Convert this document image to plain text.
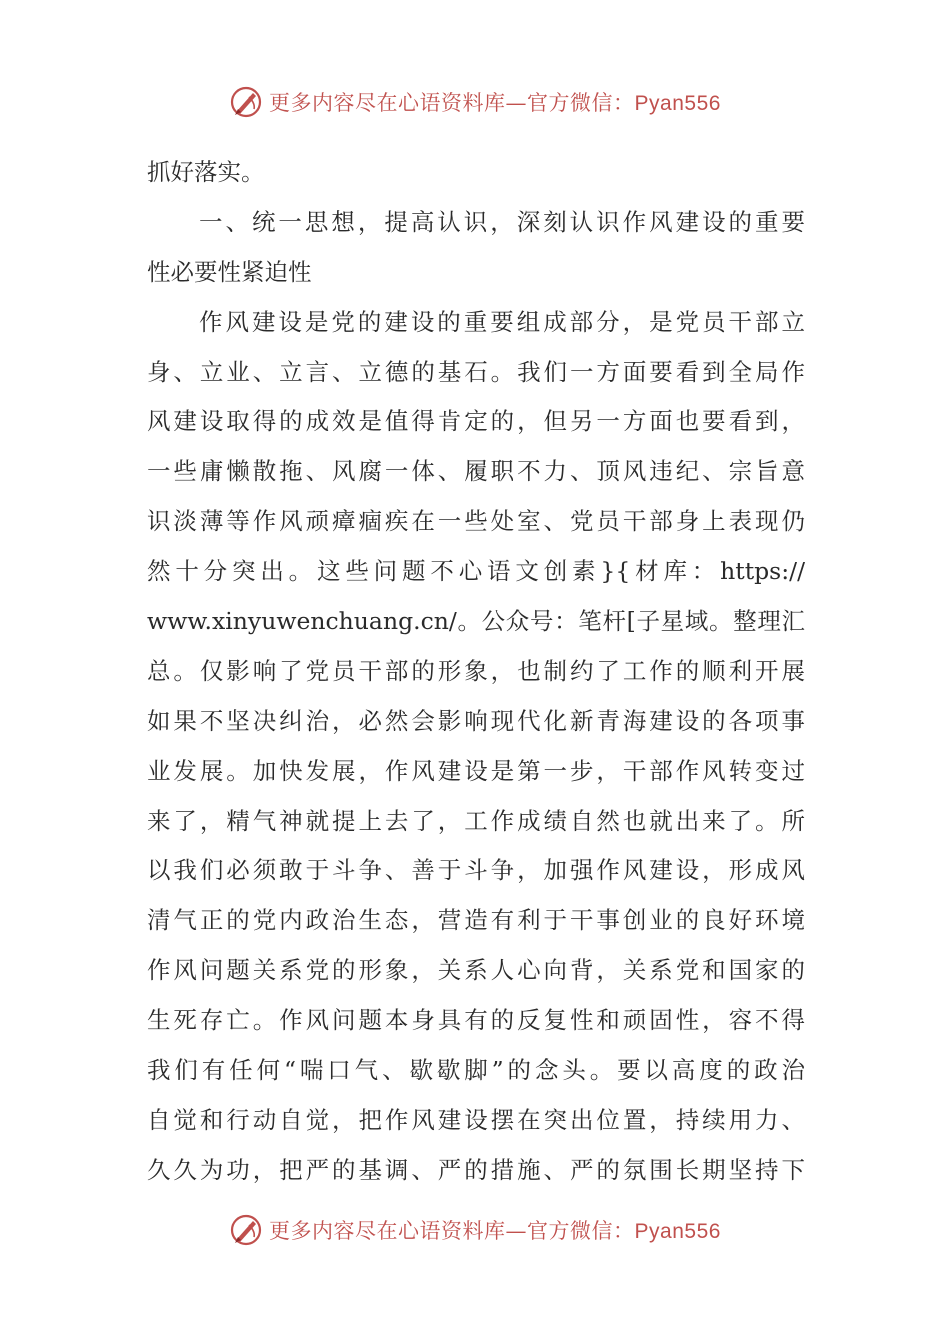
更多内容尽在心语资料库—官方微信：Pyan556
抓好落实。
一、统一思想，提高认识，深刻认识作风建设的重要
性必要性紧迫性
作风建设是党的建设的重要组成部分，是党员干部立
身、立业、立言、立德的基石。我们一方面要看到全局作
风建设取得的成效是值得肯定的，但另一方面也要看到，
一些庸懒散拖、风腐一体、履职不力、顶风违纪、宗旨意
识淡薄等作风顽瘴痼疾在一些处室、党员干部身上表现仍
然十分突出。这些问题不心语文创素}{材库：https://
www.xinyuwenchuang.cn/。公众号：笔杆[子星域。整理汇
总。仅影响了党员干部的形象，也制约了工作的顺利开展
如果不坚决纠治，必然会影响现代化新青海建设的各项事
业发展。加快发展，作风建设是第一步，干部作风转变过
来了，精气神就提上去了，工作成绩自然也就出来了。所
以我们必须敢于斗争、善于斗争，加强作风建设，形成风
清气正的党内政治生态，营造有利于干事创业的良好环境
作风问题关系党的形象，关系人心向背，关系党和国家的
生死存亡。作风问题本身具有的反复性和顽固性，容不得
我们有任何“喘口气、歇歇脚”的念头。要以高度的政治
自觉和行动自觉，把作风建设摆在突出位置，持续用力、
久久为功，把严的基调、严的措施、严的氛围长期坚持下
更多内容尽在心语资料库—官方微信：Pyan556
